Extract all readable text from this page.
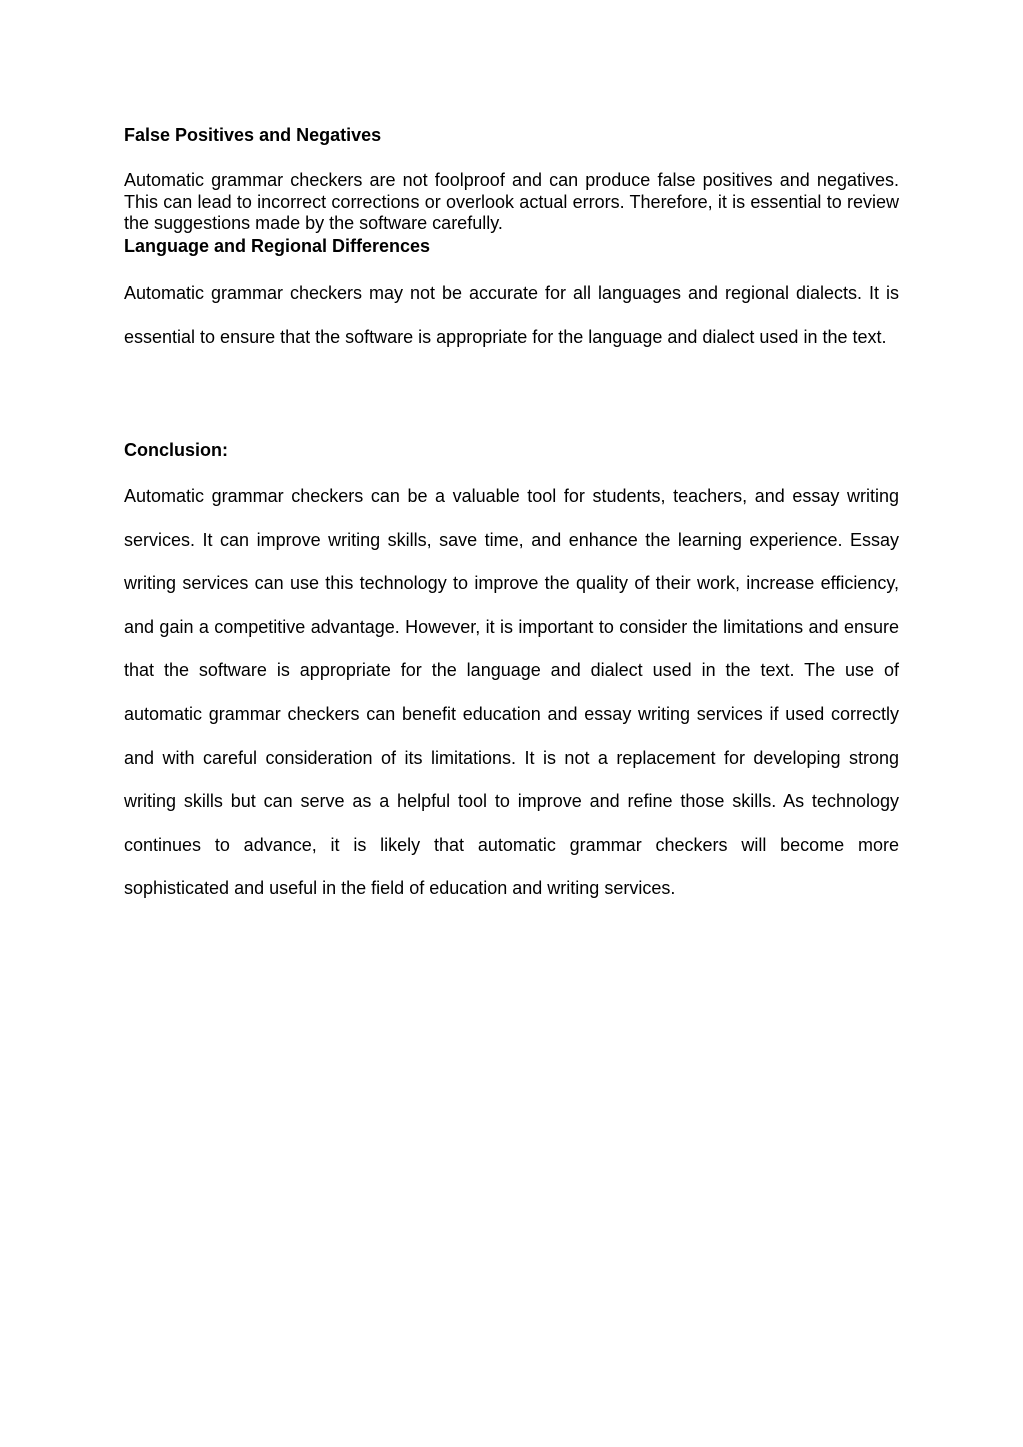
False Positives and Negatives

Automatic grammar checkers are not foolproof and can produce false positives and negatives. This can lead to incorrect corrections or overlook actual errors. Therefore, it is essential to review the suggestions made by the software carefully.

Language and Regional Differences

Automatic grammar checkers may not be accurate for all languages and regional dialects. It is essential to ensure that the software is appropriate for the language and dialect used in the text.

Conclusion:

Automatic grammar checkers can be a valuable tool for students, teachers, and essay writing services. It can improve writing skills, save time, and enhance the learning experience. Essay writing services can use this technology to improve the quality of their work, increase efficiency, and gain a competitive advantage. However, it is important to consider the limitations and ensure that the software is appropriate for the language and dialect used in the text. The use of automatic grammar checkers can benefit education and essay writing services if used correctly and with careful consideration of its limitations. It is not a replacement for developing strong writing skills but can serve as a helpful tool to improve and refine those skills. As technology continues to advance, it is likely that automatic grammar checkers will become more sophisticated and useful in the field of education and writing services.
